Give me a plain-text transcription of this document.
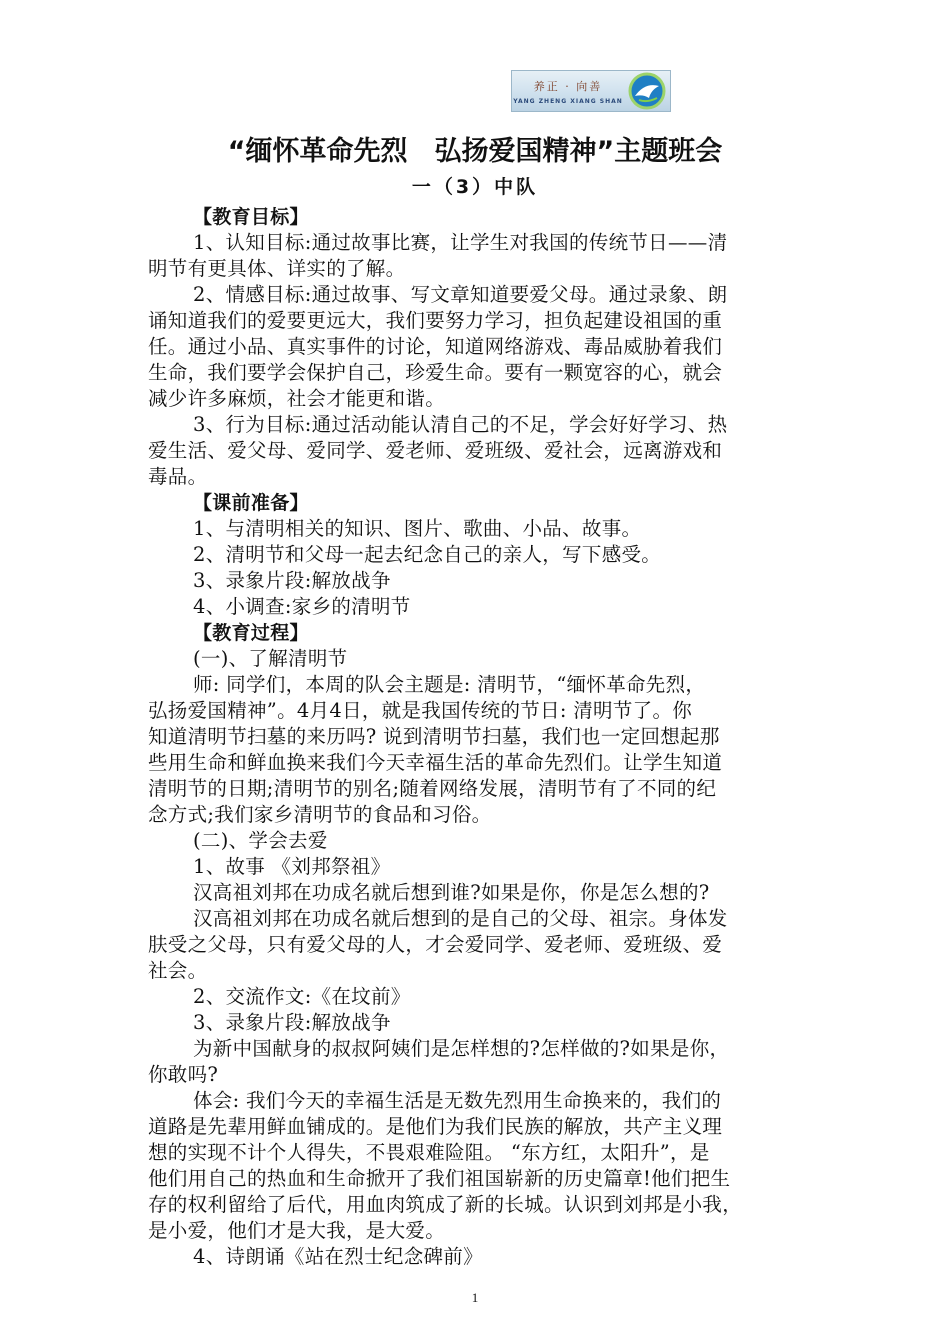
养正 · 向善
YANG ZHENG XIANG SHAN
“缅怀革命先烈　弘扬爱国精神”主题班会
一（3）中队
【教育目标】
1、认知目标:通过故事比赛，让学生对我国的传统节日——清
明节有更具体、详实的了解。
2、情感目标:通过故事、写文章知道要爱父母。通过录象、朗
诵知道我们的爱要更远大，我们要努力学习，担负起建设祖国的重
任。通过小品、真实事件的讨论，知道网络游戏、毒品威胁着我们
生命，我们要学会保护自己，珍爱生命。要有一颗宽容的心，就会
减少许多麻烦，社会才能更和谐。
3、行为目标:通过活动能认清自己的不足，学会好好学习、热
爱生活、爱父母、爱同学、爱老师、爱班级、爱社会，远离游戏和
毒品。
【课前准备】
1、与清明相关的知识、图片、歌曲、小品、故事。
2、清明节和父母一起去纪念自己的亲人，写下感受。
3、录象片段:解放战争
4、小调查:家乡的清明节
【教育过程】
(一)、了解清明节
师: 同学们，本周的队会主题是: 清明节，“缅怀革命先烈，
弘扬爱国精神”。4月4日，就是我国传统的节日: 清明节了。你
知道清明节扫墓的来历吗? 说到清明节扫墓，我们也一定回想起那
些用生命和鲜血换来我们今天幸福生活的革命先烈们。让学生知道
清明节的日期;清明节的别名;随着网络发展，清明节有了不同的纪
念方式;我们家乡清明节的食品和习俗。
(二)、学会去爱
1、故事 《刘邦祭祖》
汉高祖刘邦在功成名就后想到谁?如果是你，你是怎么想的?
汉高祖刘邦在功成名就后想到的是自己的父母、祖宗。身体发
肤受之父母，只有爱父母的人，才会爱同学、爱老师、爱班级、爱
社会。
2、交流作文:《在坟前》
3、录象片段:解放战争
为新中国献身的叔叔阿姨们是怎样想的?怎样做的?如果是你，
你敢吗?
体会: 我们今天的幸福生活是无数先烈用生命换来的，我们的
道路是先辈用鲜血铺成的。是他们为我们民族的解放，共产主义理
想的实现不计个人得失，不畏艰难险阻。 “东方红，太阳升”，是
他们用自己的热血和生命掀开了我们祖国崭新的历史篇章!他们把生
存的权利留给了后代，用血肉筑成了新的长城。认识到刘邦是小我，
是小爱，他们才是大我，是大爱。
4、诗朗诵《站在烈士纪念碑前》
1
